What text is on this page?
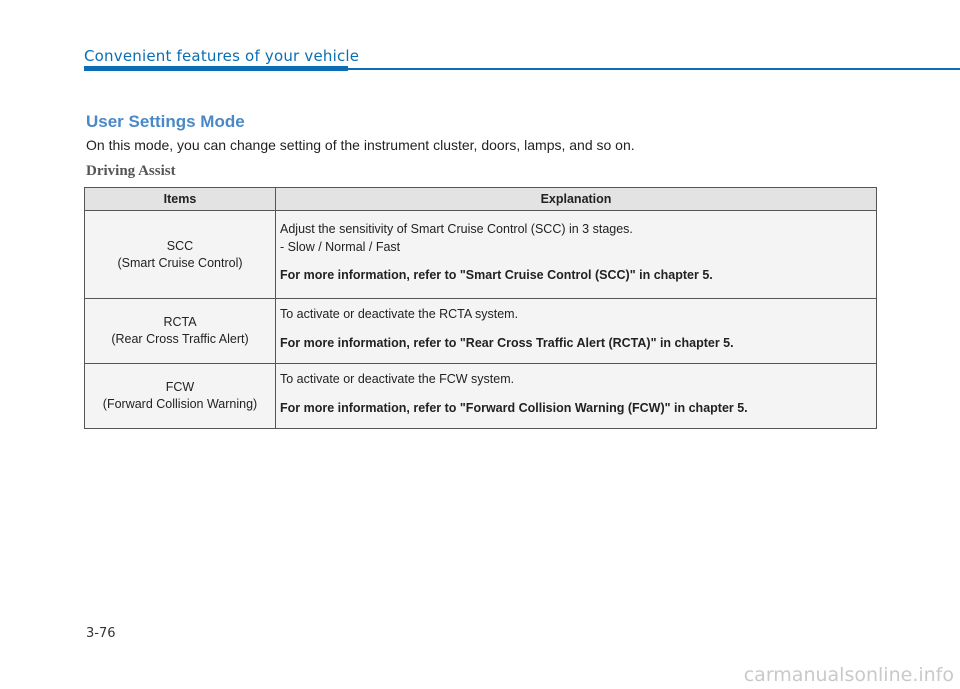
Convenient features of your vehicle
User Settings Mode
On this mode, you can change setting of the instrument cluster, doors, lamps, and so on.
Driving Assist
Items	Explanation

SCC
(Smart Cruise Control)	Adjust the sensitivity of Smart Cruise Control (SCC) in 3 stages.
- Slow / Normal / Fast
For more information, refer to "Smart Cruise Control (SCC)" in chapter 5.

RCTA
(Rear Cross Traffic Alert)	To activate or deactivate the RCTA system.
For more information, refer to "Rear Cross Traffic Alert (RCTA)" in chapter 5.

FCW
(Forward Collision Warning)	To activate or deactivate the FCW system.
For more information, refer to "Forward Collision Warning (FCW)" in chapter 5.
3-76
carmanualsonline.info
